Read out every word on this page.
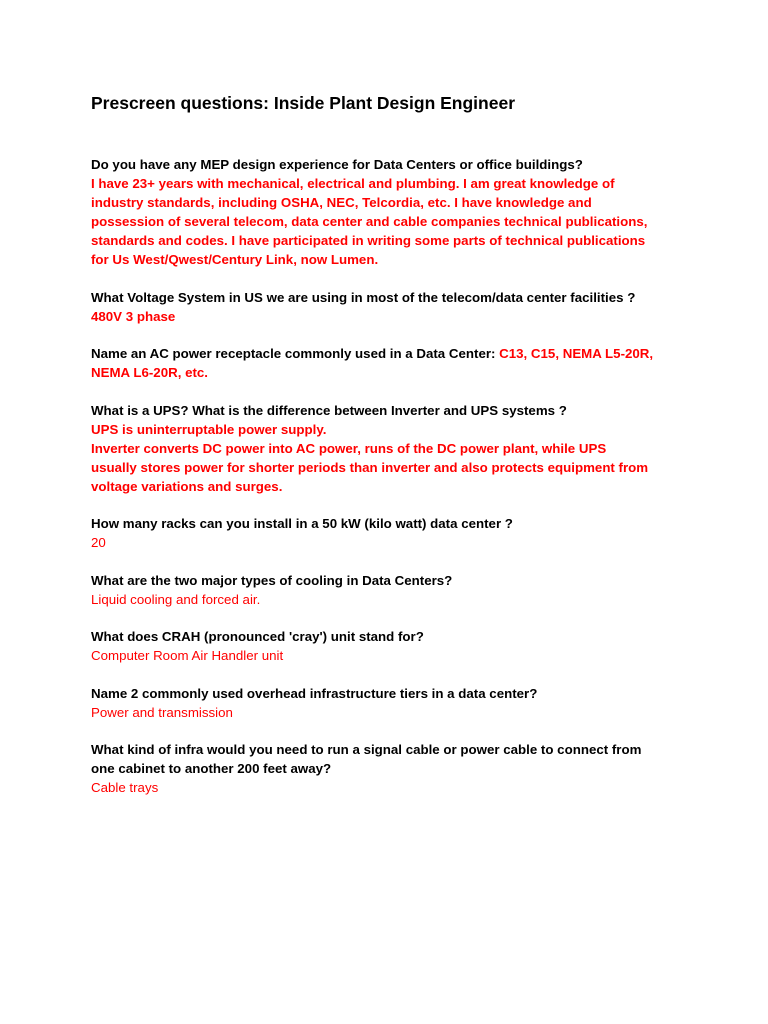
Prescreen questions: Inside Plant Design Engineer
Do you have any MEP design experience for Data Centers or office buildings?
I have 23+ years with mechanical, electrical and plumbing. I am great knowledge of
industry standards, including OSHA, NEC, Telcordia, etc. I have knowledge and
possession of several telecom, data center and cable companies technical publications,
standards and codes. I have participated in writing some parts of technical publications
for Us West/Qwest/Century Link, now Lumen.
What Voltage System in US we are using in most of the telecom/data center facilities ?
480V 3 phase
Name an AC power receptacle commonly used in a Data Center: C13, C15, NEMA L5-20R,
NEMA L6-20R, etc.
What is a UPS? What is the difference between Inverter and UPS systems ?
UPS is uninterruptable power supply.
Inverter converts DC power into AC power, runs of the DC power plant, while UPS
usually stores power for shorter periods than inverter and also protects equipment from
voltage variations and surges.
How many racks can you install in a 50 kW (kilo watt) data center ?
20
What are the two major types of cooling in Data Centers?
Liquid cooling and forced air.
What does CRAH (pronounced 'cray') unit stand for?
Computer Room Air Handler unit
Name 2 commonly used overhead infrastructure tiers in a data center?
Power and transmission
What kind of infra would you need to run a signal cable or power cable to connect from
one cabinet to another 200 feet away?
Cable trays
